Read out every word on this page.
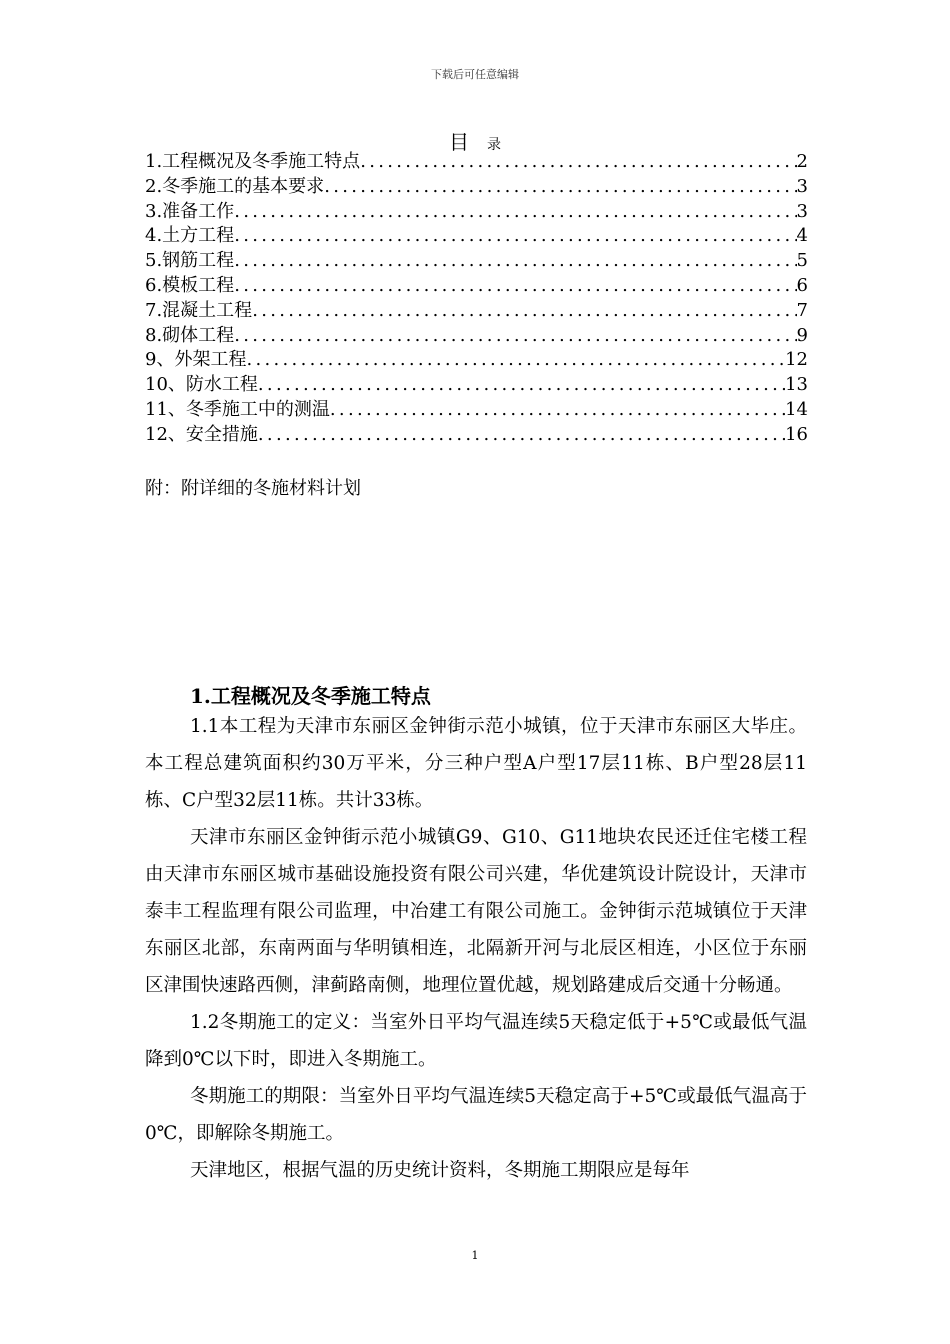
下载后可任意编辑
目 录
1.工程概况及冬季施工特点 .....	2
2.冬季施工的基本要求 .....	3
3.准备工作 .....	3
4.土方工程 .....	4
5.钢筋工程 .....	5
6.模板工程 .....	6
7.混凝土工程 .....	7
8.砌体工程 .....	9
9、外架工程 .....	12
10、防水工程 .....	13
11、冬季施工中的测温 .....	14
12、安全措施 .....	16
附：附详细的冬施材料计划
1.工程概况及冬季施工特点

1.1本工程为天津市东丽区金钟街示范小城镇，位于天津市东丽区大毕庄。本工程总建筑面积约30万平米，分三种户型A户型17层11栋、B户型28层11栋、C户型32层11栋。共计33栋。

天津市东丽区金钟街示范小城镇G9、G10、G11地块农民还迁住宅楼工程由天津市东丽区城市基础设施投资有限公司兴建，华优建筑设计院设计，天津市泰丰工程监理有限公司监理，中冶建工有限公司施工。金钟街示范城镇位于天津东丽区北部，东南两面与华明镇相连，北隔新开河与北辰区相连，小区位于东丽区津围快速路西侧，津蓟路南侧，地理位置优越，规划路建成后交通十分畅通。

1.2冬期施工的定义：当室外日平均气温连续5天稳定低于+5℃或最低气温降到0℃以下时，即进入冬期施工。

冬期施工的期限：当室外日平均气温连续5天稳定高于+5℃或最低气温高于0℃，即解除冬期施工。

天津地区，根据气温的历史统计资料，冬期施工期限应是每年

1
